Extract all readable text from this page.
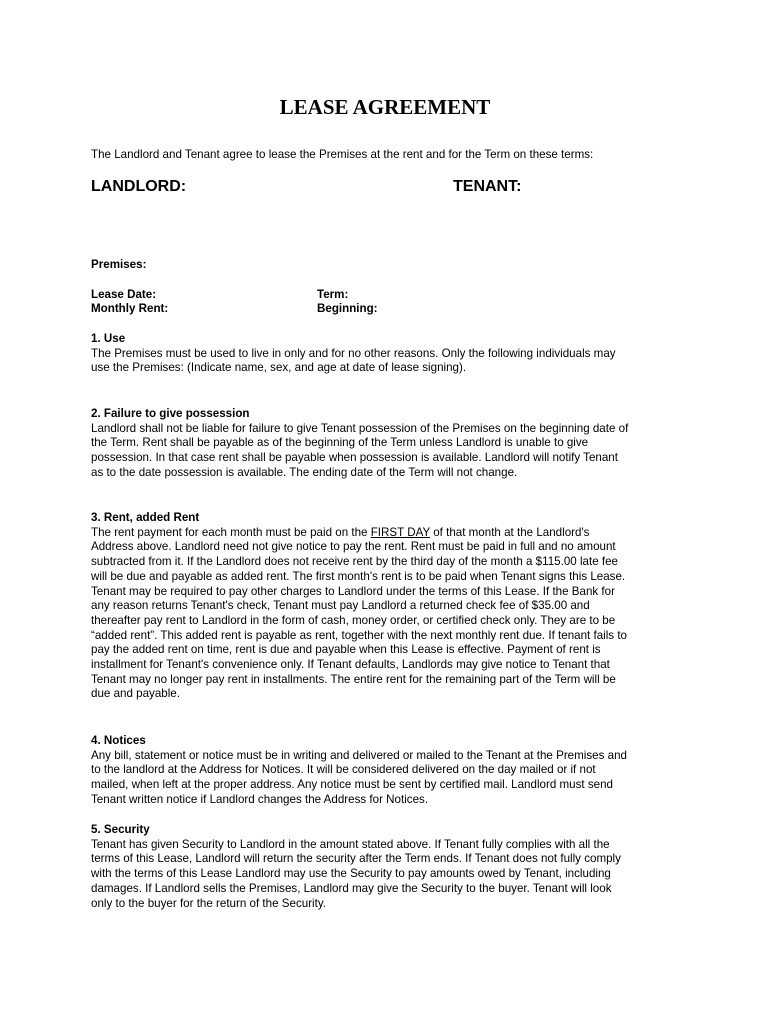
LEASE AGREEMENT
The Landlord and Tenant agree to lease the Premises at the rent and for the Term on these terms:
LANDLORD:	TENANT:
Premises:
Lease Date:
Monthly Rent:
Term:
Beginning:
1. Use
The Premises must be used to live in only and for no other reasons. Only the following individuals may
use the Premises: (Indicate name, sex, and age at date of lease signing).
2. Failure to give possession
Landlord shall not be liable for failure to give Tenant possession of the Premises on the beginning date of
the Term. Rent shall be payable as of the beginning of the Term unless Landlord is unable to give
possession. In that case rent shall be payable when possession is available. Landlord will notify Tenant
as to the date possession is available. The ending date of the Term will not change.
3. Rent, added Rent
The rent payment for each month must be paid on the FIRST DAY of that month at the Landlord's
Address above. Landlord need not give notice to pay the rent. Rent must be paid in full and no amount
subtracted from it. If the Landlord does not receive rent by the third day of the month a $115.00 late fee
will be due and payable as added rent. The first month's rent is to be paid when Tenant signs this Lease.
Tenant may be required to pay other charges to Landlord under the terms of this Lease. If the Bank for
any reason returns Tenant's check, Tenant must pay Landlord a returned check fee of $35.00 and
thereafter pay rent to Landlord in the form of cash, money order, or certified check only. They are to be
“added rent”. This added rent is payable as rent, together with the next monthly rent due. If tenant fails to
pay the added rent on time, rent is due and payable when this Lease is effective. Payment of rent is
installment for Tenant's convenience only. If Tenant defaults, Landlords may give notice to Tenant that
Tenant may no longer pay rent in installments. The entire rent for the remaining part of the Term will be
due and payable.
4. Notices
Any bill, statement or notice must be in writing and delivered or mailed to the Tenant at the Premises and
to the landlord at the Address for Notices. It will be considered delivered on the day mailed or if not
mailed, when left at the proper address. Any notice must be sent by certified mail. Landlord must send
Tenant written notice if Landlord changes the Address for Notices.
5. Security
Tenant has given Security to Landlord in the amount stated above. If Tenant fully complies with all the
terms of this Lease, Landlord will return the security after the Term ends. If Tenant does not fully comply
with the terms of this Lease Landlord may use the Security to pay amounts owed by Tenant, including
damages. If Landlord sells the Premises, Landlord may give the Security to the buyer. Tenant will look
only to the buyer for the return of the Security.
